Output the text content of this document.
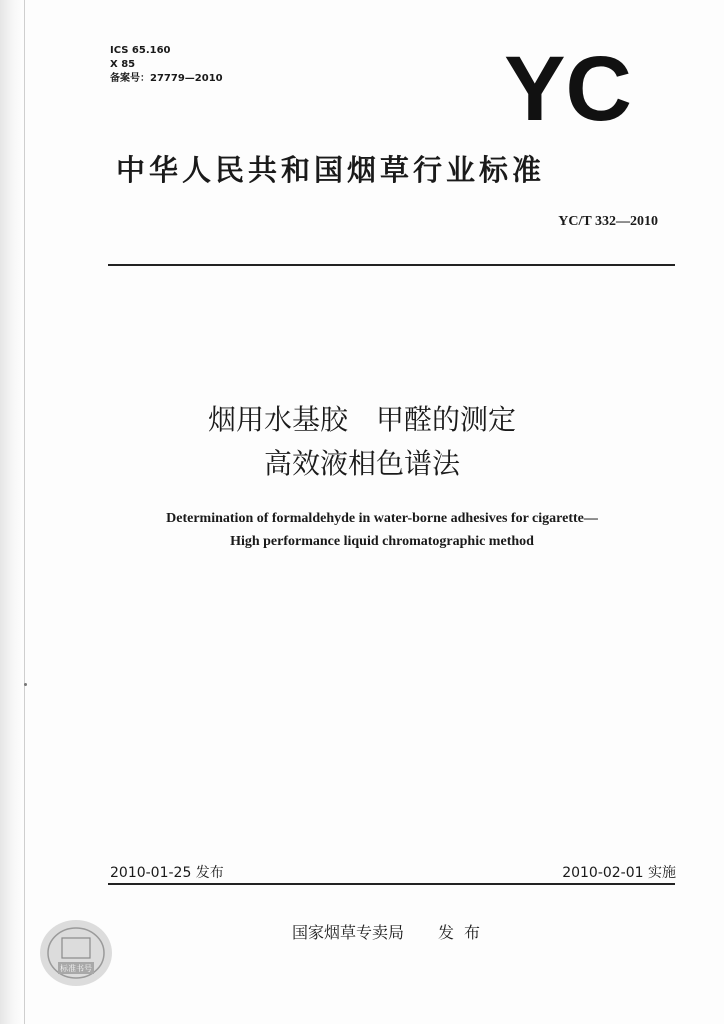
ICS 65.160
X 85
备案号：27779—2010	YC
中华人民共和国烟草行业标准
YC/T 332—2010
烟用水基胶　甲醛的测定
高效液相色谱法
Determination of formaldehyde in water-borne adhesives for cigarette—
High performance liquid chromatographic method
2010-01-25 发布	2010-02-01 实施
国家烟草专卖局 发布
标准书号
